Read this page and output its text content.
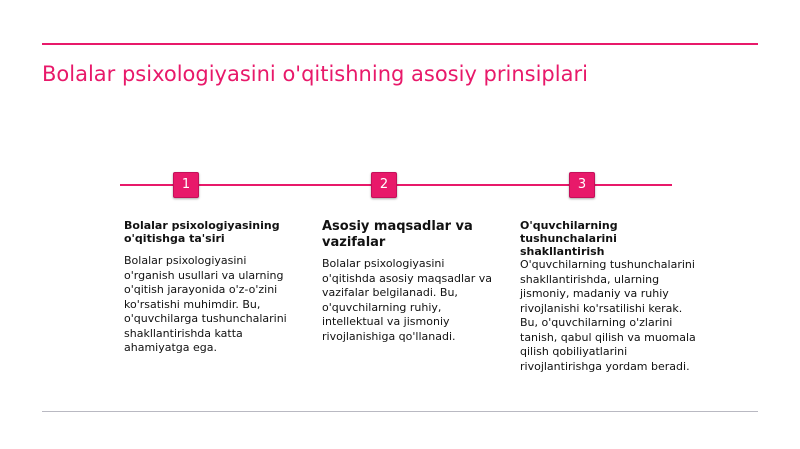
Bolalar psixologiyasini o'qitishning asosiy prinsiplari
1	2	3
Bolalar psixologiyasining o'qitishga ta'siri

Bolalar psixologiyasini o'rganish usullari va ularning o'qitish jarayonida o'z-o'zini ko'rsatishi muhimdir. Bu, o'quvchilarga tushunchalarini shakllantirishda katta ahamiyatga ega.

Asosiy maqsadlar va vazifalar

Bolalar psixologiyasini o'qitishda asosiy maqsadlar va vazifalar belgilanadi. Bu, o'quvchilarning ruhiy, intellektual va jismoniy rivojlanishiga qo'llanadi.

O'quvchilarning tushunchalarini shakllantirish

O'quvchilarning tushunchalarini shakllantirishda, ularning jismoniy, madaniy va ruhiy rivojlanishi ko'rsatilishi kerak. Bu, o'quvchilarning o'zlarini tanish, qabul qilish va muomala qilish qobiliyatlarini rivojlantirishga yordam beradi.
